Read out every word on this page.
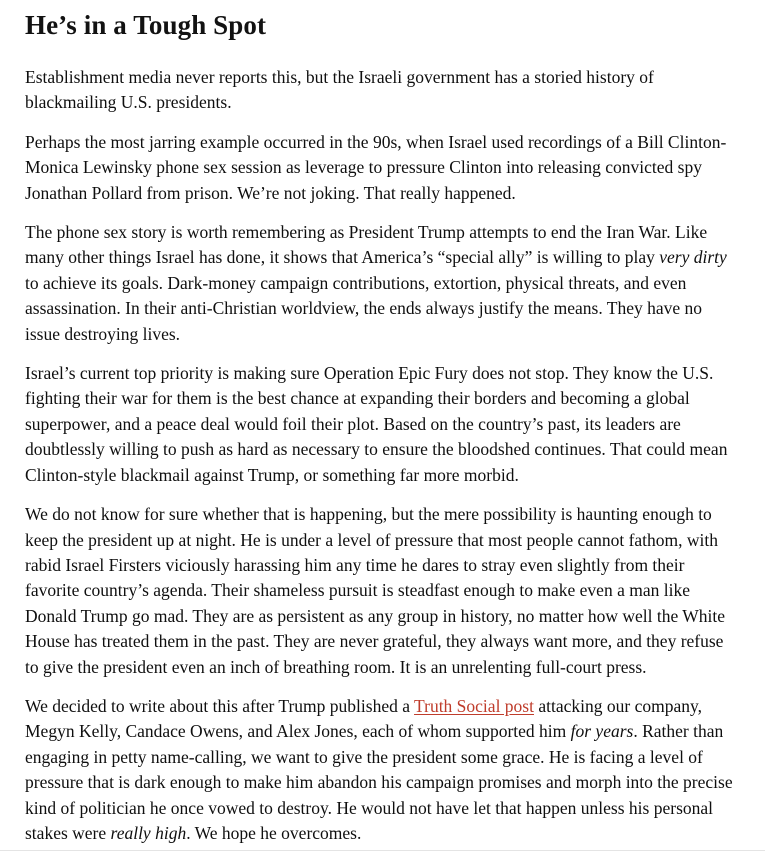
He’s in a Tough Spot

Establishment media never reports this, but the Israeli government has a storied history of blackmailing U.S. presidents.

Perhaps the most jarring example occurred in the 90s, when Israel used recordings of a Bill Clinton-Monica Lewinsky phone sex session as leverage to pressure Clinton into releasing convicted spy Jonathan Pollard from prison. We’re not joking. That really happened.

The phone sex story is worth remembering as President Trump attempts to end the Iran War. Like many other things Israel has done, it shows that America’s “special ally” is willing to play very dirty to achieve its goals. Dark-money campaign contributions, extortion, physical threats, and even assassination. In their anti-Christian worldview, the ends always justify the means. They have no issue destroying lives.

Israel’s current top priority is making sure Operation Epic Fury does not stop. They know the U.S. fighting their war for them is the best chance at expanding their borders and becoming a global superpower, and a peace deal would foil their plot. Based on the country’s past, its leaders are doubtlessly willing to push as hard as necessary to ensure the bloodshed continues. That could mean Clinton-style blackmail against Trump, or something far more morbid.

We do not know for sure whether that is happening, but the mere possibility is haunting enough to keep the president up at night. He is under a level of pressure that most people cannot fathom, with rabid Israel Firsters viciously harassing him any time he dares to stray even slightly from their favorite country’s agenda. Their shameless pursuit is steadfast enough to make even a man like Donald Trump go mad. They are as persistent as any group in history, no matter how well the White House has treated them in the past. They are never grateful, they always want more, and they refuse to give the president even an inch of breathing room. It is an unrelenting full-court press.

We decided to write about this after Trump published a Truth Social post attacking our company, Megyn Kelly, Candace Owens, and Alex Jones, each of whom supported him for years. Rather than engaging in petty name-calling, we want to give the president some grace. He is facing a level of pressure that is dark enough to make him abandon his campaign promises and morph into the precise kind of politician he once vowed to destroy. He would not have let that happen unless his personal stakes were really high. We hope he overcomes.
